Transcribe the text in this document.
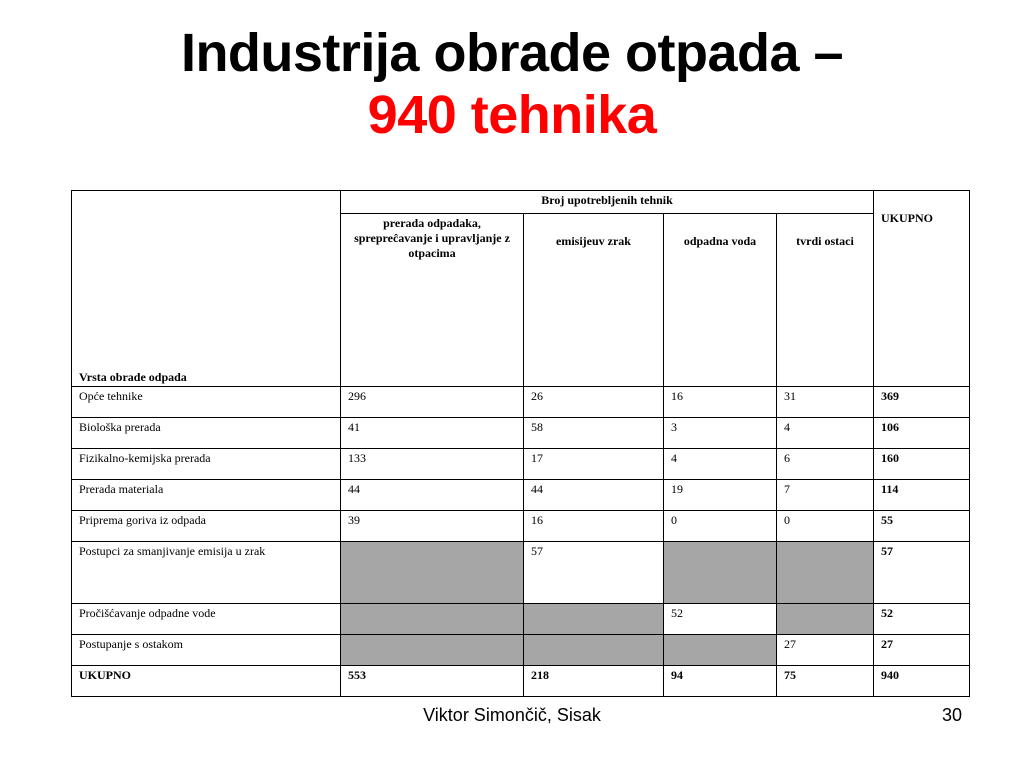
Industrija obrade otpada –
940 tehnika
Vrsta obrade odpada	Broj upotrebljenih tehnik				UKUPNO
	prerada odpadaka, sprepreĉavanje i upravljanje z otpacima	emisijeuv zrak	odpadna voda	tvrdi ostaci	
Opće tehnike	296	26	16	31	369
Biološka prerada	41	58	3	4	106
Fizikalno-kemijska prerada	133	17	4	6	160
Prerada materiala	44	44	19	7	114
Priprema goriva iz odpada	39	16	0	0	55
Postupci za smanjivanje emisija u zrak		57			57
Pročišćavanje odpadne vode			52		52
Postupanje s ostakom				27	27
UKUPNO	553	218	94	75	940
Viktor Simončič, Sisak	30
